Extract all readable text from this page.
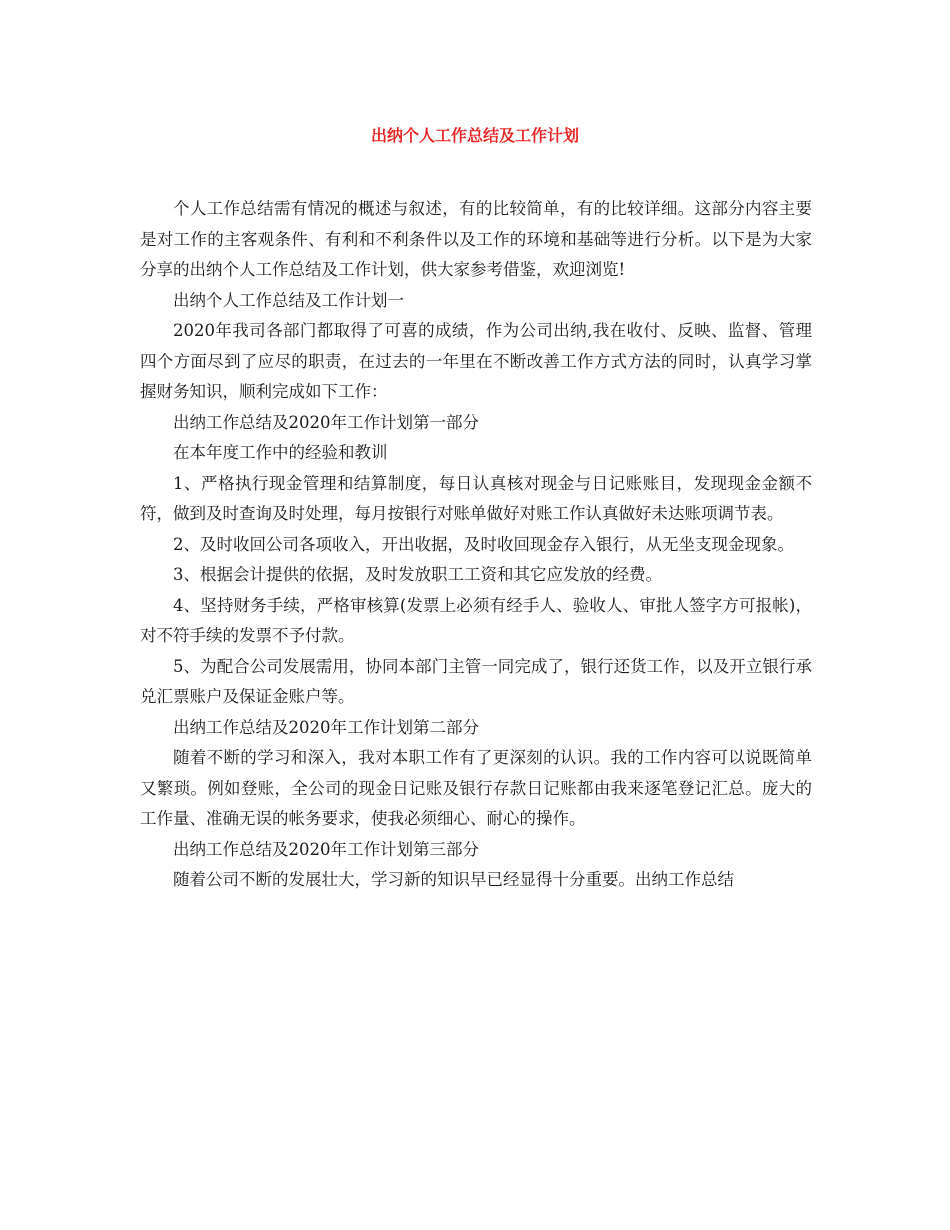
出纳个人工作总结及工作计划

个人工作总结需有情况的概述与叙述，有的比较简单，有的比较详细。这部分内容主要是对工作的主客观条件、有利和不利条件以及工作的环境和基础等进行分析。以下是为大家分享的出纳个人工作总结及工作计划，供大家参考借鉴，欢迎浏览!

出纳个人工作总结及工作计划一

2020年我司各部门都取得了可喜的成绩，作为公司出纳,我在收付、反映、监督、管理四个方面尽到了应尽的职责，在过去的一年里在不断改善工作方式方法的同时，认真学习掌握财务知识，顺利完成如下工作：

出纳工作总结及2020年工作计划第一部分

在本年度工作中的经验和教训

1、严格执行现金管理和结算制度，每日认真核对现金与日记账账目，发现现金金额不符，做到及时查询及时处理，每月按银行对账单做好对账工作认真做好未达账项调节表。

2、及时收回公司各项收入，开出收据，及时收回现金存入银行，从无坐支现金现象。

3、根据会计提供的依据，及时发放职工工资和其它应发放的经费。

4、坚持财务手续，严格审核算(发票上必须有经手人、验收人、审批人签字方可报帐)，对不符手续的发票不予付款。

5、为配合公司发展需用，协同本部门主管一同完成了，银行还货工作，以及开立银行承兑汇票账户及保证金账户等。

出纳工作总结及2020年工作计划第二部分

随着不断的学习和深入，我对本职工作有了更深刻的认识。我的工作内容可以说既简单又繁琐。例如登账，全公司的现金日记账及银行存款日记账都由我来逐笔登记汇总。庞大的工作量、准确无误的帐务要求，使我必须细心、耐心的操作。

出纳工作总结及2020年工作计划第三部分

随着公司不断的发展壮大，学习新的知识早已经显得十分重要。出纳工作总结
